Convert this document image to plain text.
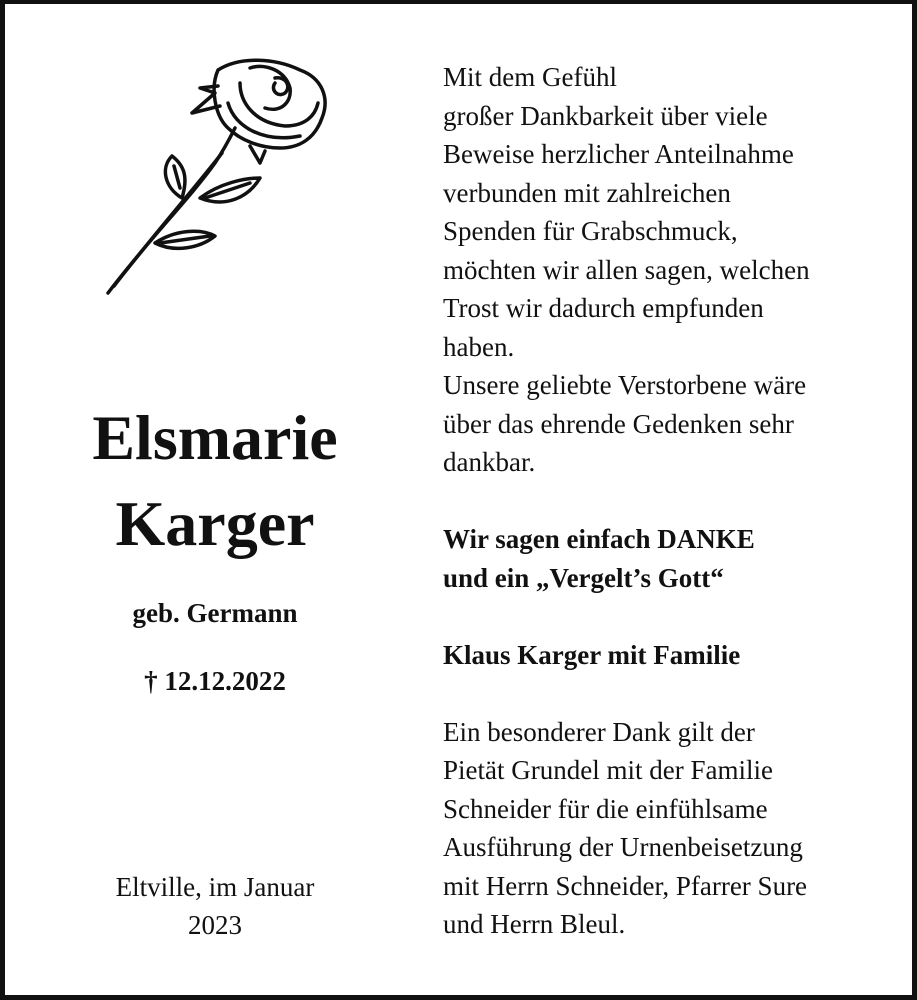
Elsmarie
Karger
geb. Germann
† 12.12.2022
Eltville, im Januar
2023
Mit dem Gefühl
großer Dankbarkeit über viele
Beweise herzlicher Anteilnahme
verbunden mit zahlreichen
Spenden für Grabschmuck,
möchten wir allen sagen, welchen
Trost wir dadurch empfunden
haben.
Unsere geliebte Verstorbene wäre
über das ehrende Gedenken sehr
dankbar.
Wir sagen einfach DANKE
und ein „Vergelt’s Gott“
Klaus Karger mit Familie
Ein besonderer Dank gilt der
Pietät Grundel mit der Familie
Schneider für die einfühlsame
Ausführung der Urnenbeisetzung
mit Herrn Schneider, Pfarrer Sure
und Herrn Bleul.
